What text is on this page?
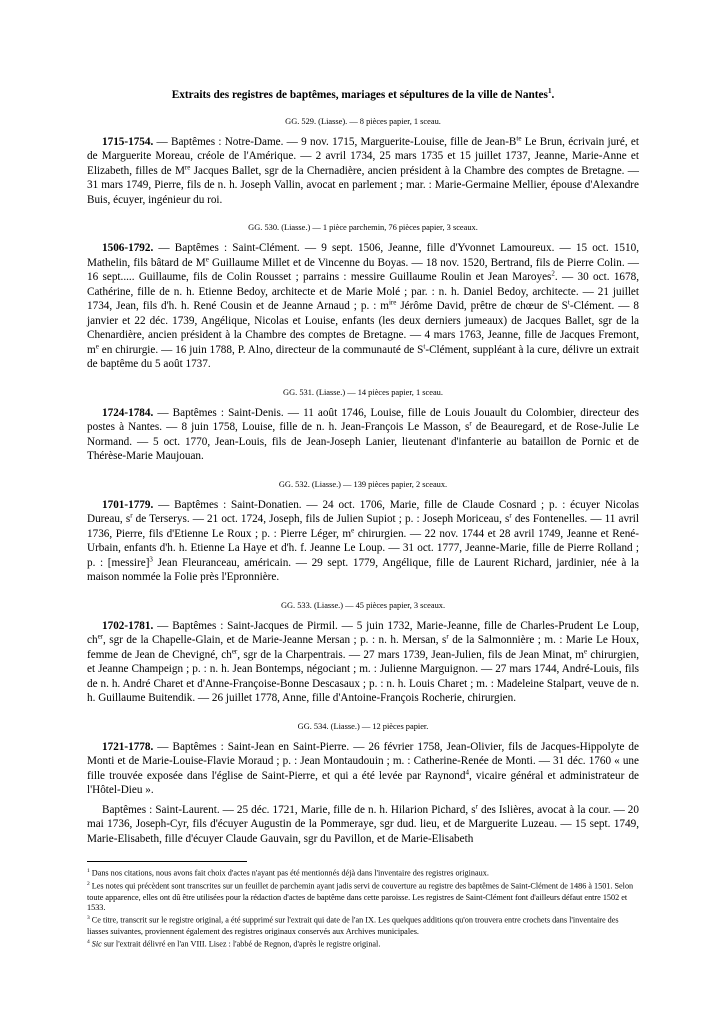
Extraits des registres de baptêmes, mariages et sépultures de la ville de Nantes$^1$.
GG. 529. (Liasse). — 8 pièces papier, 1 sceau.

1715-1754. — Baptêmes : Notre-Dame. — 9 nov. 1715, Marguerite-Louise, fille de Jean-$B^{te}$ Le Brun, écrivain juré, et de Marguerite Moreau, créole de l'Amérique. — 2 avril 1734, 25 mars 1735 et 15 juillet 1737, Jeanne, Marie-Anne et Elizabeth, filles de Mre Jacques Ballet, sgr de la Chernadière, ancien président à la Chambre des comptes de Bretagne. — 31 mars 1749, Pierre, fils de n. h. Joseph Vallin, avocat en parlement ; mar. : Marie-Germaine Mellier, épouse d'Alexandre Buis, écuyer, ingénieur du roi.

GG. 530. (Liasse.) — 1 pièce parchemin, 76 pièces papier, 3 sceaux.

1506-1792. — Baptêmes : Saint-Clément. — 9 sept. 1506, Jeanne, fille d'Yvonnet Lamoureux. — 15 oct. 1510, Mathelin, fils bâtard de Me Guillaume Millet et de Vincenne du Boyas. — 18 nov. 1520, Bertrand, fils de Pierre Colin. — 16 sept..... Guillaume, fils de Colin Rousset ; parrains : messire Guillaume Roulin et Jean Maroyes$^2$. — 30 oct. 1678, Cathérine, fille de n. h. Etienne Bedoy, architecte et de Marie Molé ; par. : n. h. Daniel Bedoy, architecte. — 21 juillet 1734, Jean, fils d'h. h. René Cousin et de Jeanne Arnaud ; p. : $m^{ire}$ Jérôme David, prêtre de chœur de $S^t$-Clément. — 8 janvier et 22 déc. 1739, Angélique, Nicolas et Louise, enfants (les deux derniers jumeaux) de Jacques Ballet, sgr de la Chenardière, ancien président à la Chambre des comptes de Bretagne. — 4 mars 1763, Jeanne, fille de Jacques Fremont, $m^e$ en chirurgie. — 16 juin 1788, P. Alno, directeur de la communauté de $S^t$-Clément, suppléant à la cure, délivre un extrait de baptême du 5 août 1737.

GG. 531. (Liasse.) — 14 pièces papier, 1 sceau.

1724-1784. — Baptêmes : Saint-Denis. — 11 août 1746, Louise, fille de Louis Jouault du Colombier, directeur des postes à Nantes. — 8 juin 1758, Louise, fille de n. h. Jean-François Le Masson, $s^r$ de Beauregard, et de Rose-Julie Le Normand. — 5 oct. 1770, Jean-Louis, fils de Jean-Joseph Lanier, lieutenant d'infanterie au bataillon de Pornic et de Thérèse-Marie Maujouan.

GG. 532. (Liasse.) — 139 pièces papier, 2 sceaux.

1701-1779. — Baptêmes : Saint-Donatien. — 24 oct. 1706, Marie, fille de Claude Cosnard ; p. : écuyer Nicolas Dureau, $s^r$ de Terserys. — 21 oct. 1724, Joseph, fils de Julien Supiot ; p. : Joseph Moriceau, $s^r$ des Fontenelles. — 11 avril 1736, Pierre, fils d'Etienne Le Roux ; p. : Pierre Léger, $m^e$ chirurgien. — 22 nov. 1744 et 28 avril 1749, Jeanne et René-Urbain, enfants d'h. h. Etienne La Haye et d'h. f. Jeanne Le Loup. — 31 oct. 1777, Jeanne-Marie, fille de Pierre Rolland ; p. : [messire]$^3$ Jean Fleuranceau, américain. — 29 sept. 1779, Angélique, fille de Laurent Richard, jardinier, née à la maison nommée la Folie près l'Epronnière.

GG. 533. (Liasse.) — 45 pièces papier, 3 sceaux.

1702-1781. — Baptêmes : Saint-Jacques de Pirmil. — 5 juin 1732, Marie-Jeanne, fille de Charles-Prudent Le Loup, $ch^{er}$, sgr de la Chapelle-Glain, et de Marie-Jeanne Mersan ; p. : n. h. Mersan, $s^r$ de la Salmonnière ; m. : Marie Le Houx, femme de Jean de Chevigné, $ch^{er}$, sgr de la Charpentrais. — 27 mars 1739, Jean-Julien, fils de Jean Minat, $m^e$ chirurgien, et Jeanne Champeign ; p. : n. h. Jean Bontemps, négociant ; m. : Julienne Marguignon. — 27 mars 1744, André-Louis, fils de n. h. André Charet et d'Anne-Françoise-Bonne Descasaux ; p. : n. h. Louis Charet ; m. : Madeleine Stalpart, veuve de n. h. Guillaume Buitendik. — 26 juillet 1778, Anne, fille d'Antoine-François Rocherie, chirurgien.

GG. 534. (Liasse.) — 12 pièces papier.

1721-1778. — Baptêmes : Saint-Jean en Saint-Pierre. — 26 février 1758, Jean-Olivier, fils de Jacques-Hippolyte de Monti et de Marie-Louise-Flavie Moraud ; p. : Jean Montaudouin ; m. : Catherine-Renée de Monti. — 31 déc. 1760 « une fille trouvée exposée dans l'église de Saint-Pierre, et qui a été levée par Raynond$^4$, vicaire général et administrateur de l'Hôtel-Dieu ».

Baptêmes : Saint-Laurent. — 25 déc. 1721, Marie, fille de n. h. Hilarion Pichard, $s^r$ des Islières, avocat à la cour. — 20 mai 1736, Joseph-Cyr, fils d'écuyer Augustin de la Pommeraye, sgr dud. lieu, et de Marguerite Luzeau. — 15 sept. 1749, Marie-Elisabeth, fille d'écuyer Claude Gauvain, sgr du Pavillon, et de Marie-Elisabeth

$^1$ Dans nos citations, nous avons fait choix d'actes n'ayant pas été mentionnés déjà dans l'inventaire des registres originaux.
$^2$ Les notes qui précèdent sont transcrites sur un feuillet de parchemin ayant jadis servi de couverture au registre des baptêmes de Saint-Clément de 1486 à 1501. Selon toute apparence, elles ont dû être utilisées pour la rédaction d'actes de baptême dans cette paroisse. Les registres de Saint-Clément font d'ailleurs défaut entre 1502 et 1533.
$^3$ Ce titre, transcrit sur le registre original, a été supprimé sur l'extrait qui date de l'an IX. Les quelques additions qu'on trouvera entre crochets dans l'inventaire des liasses suivantes, proviennent également des registres originaux conservés aux Archives municipales.
$^4$ Sic sur l'extrait délivré en l'an VIII. Lisez : l'abbé de Regnon, d'après le registre original.
